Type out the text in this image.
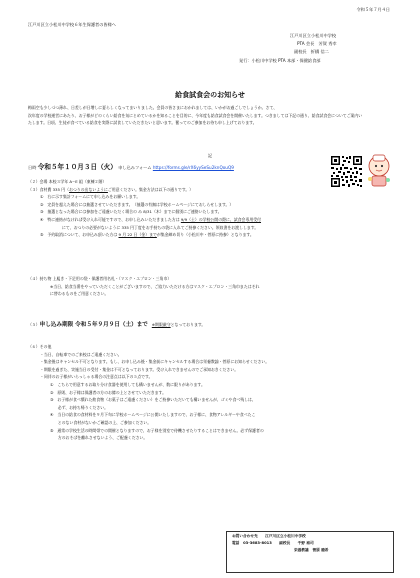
令和５年７月４日
江戸川区立小松川中学校６年生保護者の皆様へ
江戸川区立小松川中学校
PTA 会長　芳賀 秀幸
副校長　折橋 信二
発行：小松川中学校 PTA 本部・保健給食部
給食試食会のお知らせ
梅雨空も少しづつ薄れ、日差しが日増しに夏らしくなってまいりました。会員の皆さまにおかれましては、いかがお過ごしでしょうか。さて、
次年度の学校運営にあたり、お子様がどのくらい給食を気にとめているかを知ることを目的に、今年度も給食試食会を開催いたします。つきましては下記の通り、給食試食会についてご案内い
たします。日頃、生徒が食べている給食を実際に試食していただきたいと思います。奮ってのご参加をお待ち申し上げております。
記
日時 令和５年１０月３日（火） 申し込みフォーム https://forms.gle/rX6yySeSu2knQouQ9
（２）会場 本校３学年 A~E 組（東棟２階）
（３）食材費 335 円（おつりの出ないようにご用意ください。集金方法は以下の通りです。）
①　右に示す集計フォームにて申し込みをお願いします。
②　定員を超えた場合には抽選させていただきます。（抽選の有無は学校ホームページにておしらせします。）
③　抽選となった場合には参加をご遠慮いただく場合の み 8/31（木）までに個別にご連絡いたします。
④　特に連絡がなければ受け入れ可能ですので、お申し込みいただきました方は 9/9（土）の学校公開の際に、試食会専用受付
にて、おつりの必要がないように 335 円丁度をお手持ちの袋に入れてご持参ください。領収書をお渡しします。
⑤　予約取消について、お申込み頂いた方は 9 月 22 日（金）までが集金締め切り（小松川中・菅原に持参）となります。
（４）持ち物 上履き・下足用の袋・保護者用名札・（マスク・エプロン・三角巾）
※当日、給食当番をやっていただくことがございますので、ご協力いただける方はマスク・エプロン・三角巾またはそれ
に替わるものをご用意ください。
（５）申し込み期限 令和５年９月９日（土）まで　 ※期限厳守となっております。
（６）その他
・当日、自転車でのご来校はご遠慮ください。
・集金後はキャンセル不可となります。もし、お申し込み後・集金前にキャンセルする場合は栄養教諭・菅原にお知らせください。
・期限を過ぎた、実施当日の受付・集金は不可となっております。受け入れできませんのでご承知おきください。
・同伴のお子様がいらっしゃる場合の注意点は以下の５点です。
①　こちらで用意するお取り分け食器を使用しても構いませんが、数に限りがあります。
②　原則、お子様は保護者の方のお膝の上とさせていただきます。
③　お子様が食べ慣れた飲食物（お菓子はご遠慮ください）をご持参いただいても構いませんが、ゴミや食べ残しは、
　　必ず、お持ち帰りください。
④　当日の給食の食材料を９月下旬に学校ホームページに公開いたしますので、お子様に、食物アレルギーや食べたこ
　　とのない食材がないかご確認の上、ご参加ください。
⑤　通常の学校生活の時間帯での開催となりますので、お子様を別室で待機させたりすることはできません。必ず保護者の
　　方のおそばを離れさせないよう、ご配慮ください。
お問い合わせ先　　江戸川区立小松川中学校
電話　 03-3683-8013　　 副校長　　 千野 裕司
栄養教諭　 菅原 睦希
